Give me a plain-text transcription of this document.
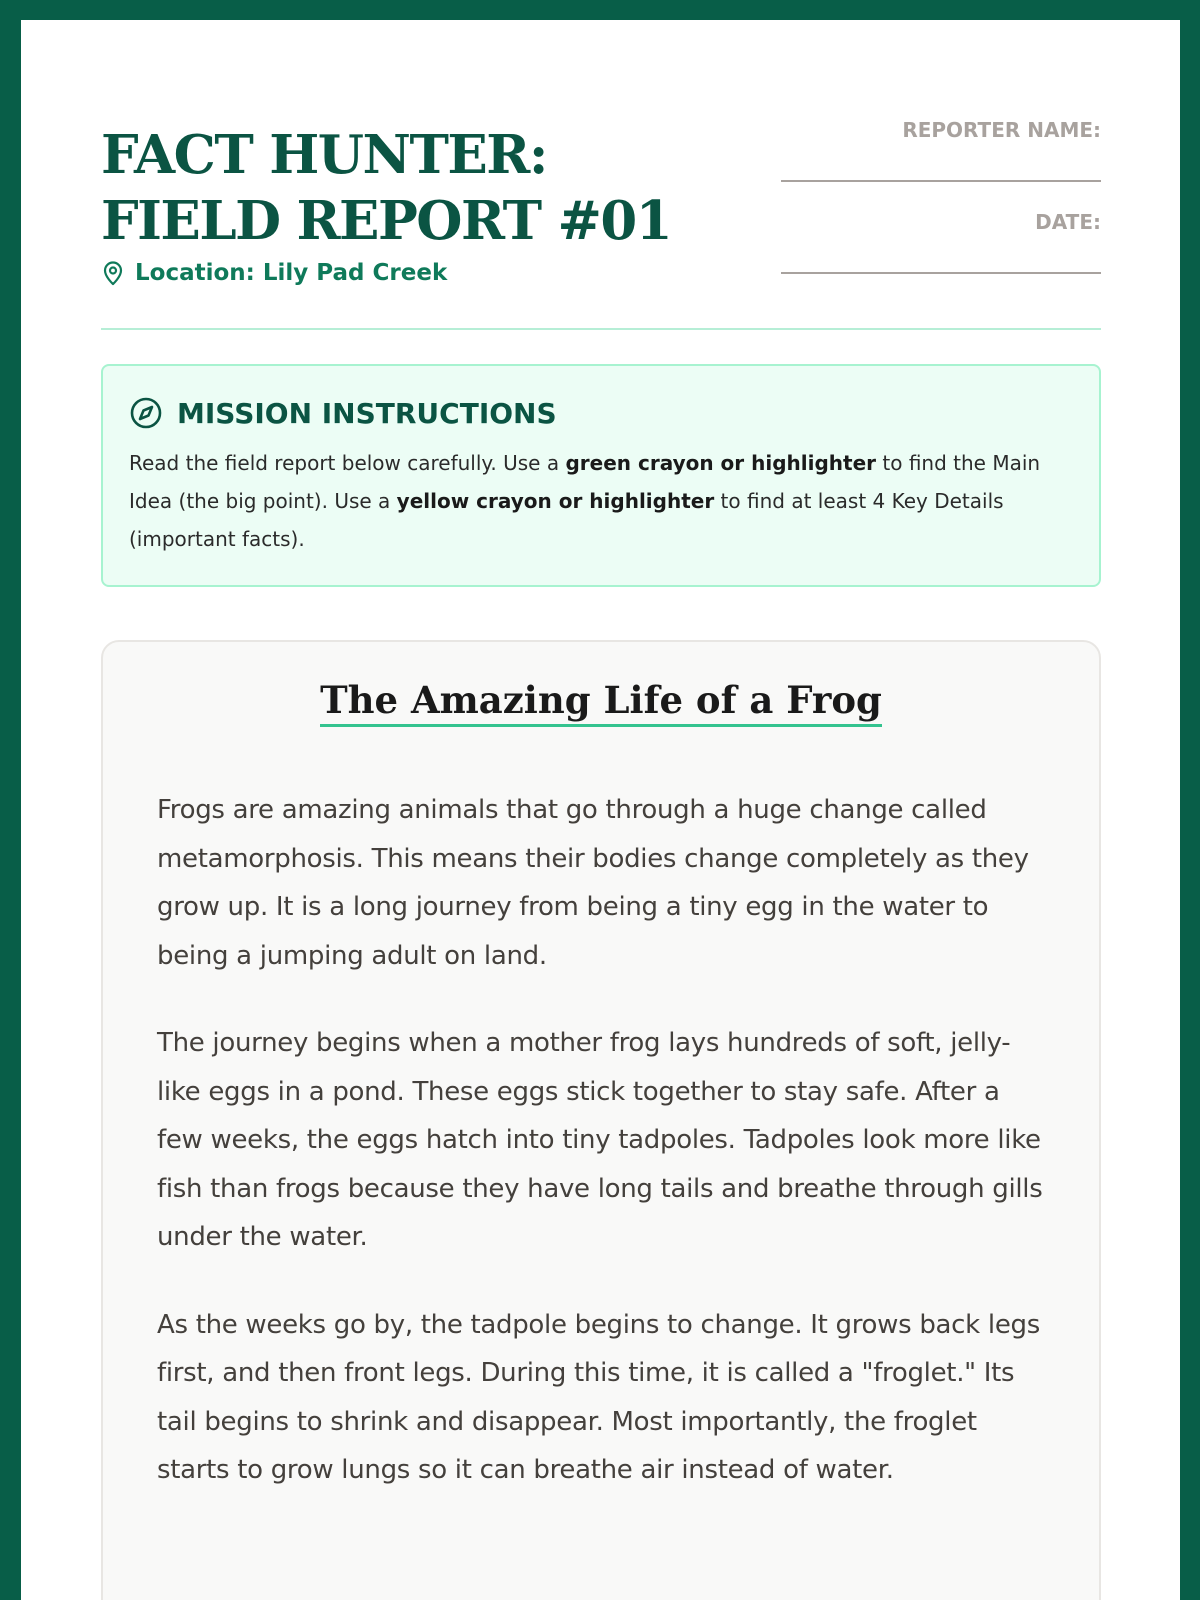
FACT HUNTER: FIELD REPORT #01
Location: Lily Pad Creek
REPORTER NAME:
DATE:
MISSION INSTRUCTIONS

Read the field report below carefully. Use a green crayon or highlighter to find the Main Idea (the big point). Use a yellow crayon or highlighter to find at least 4 Key Details (important facts).

The Amazing Life of a Frog

Frogs are amazing animals that go through a huge change called metamorphosis. This means their bodies change completely as they grow up. It is a long journey from being a tiny egg in the water to being a jumping adult on land.

The journey begins when a mother frog lays hundreds of soft, jelly-like eggs in a pond. These eggs stick together to stay safe. After a few weeks, the eggs hatch into tiny tadpoles. Tadpoles look more like fish than frogs because they have long tails and breathe through gills under the water.

As the weeks go by, the tadpole begins to change. It grows back legs first, and then front legs. During this time, it is called a "froglet." Its tail begins to shrink and disappear. Most importantly, the froglet starts to grow lungs so it can breathe air instead of water.
